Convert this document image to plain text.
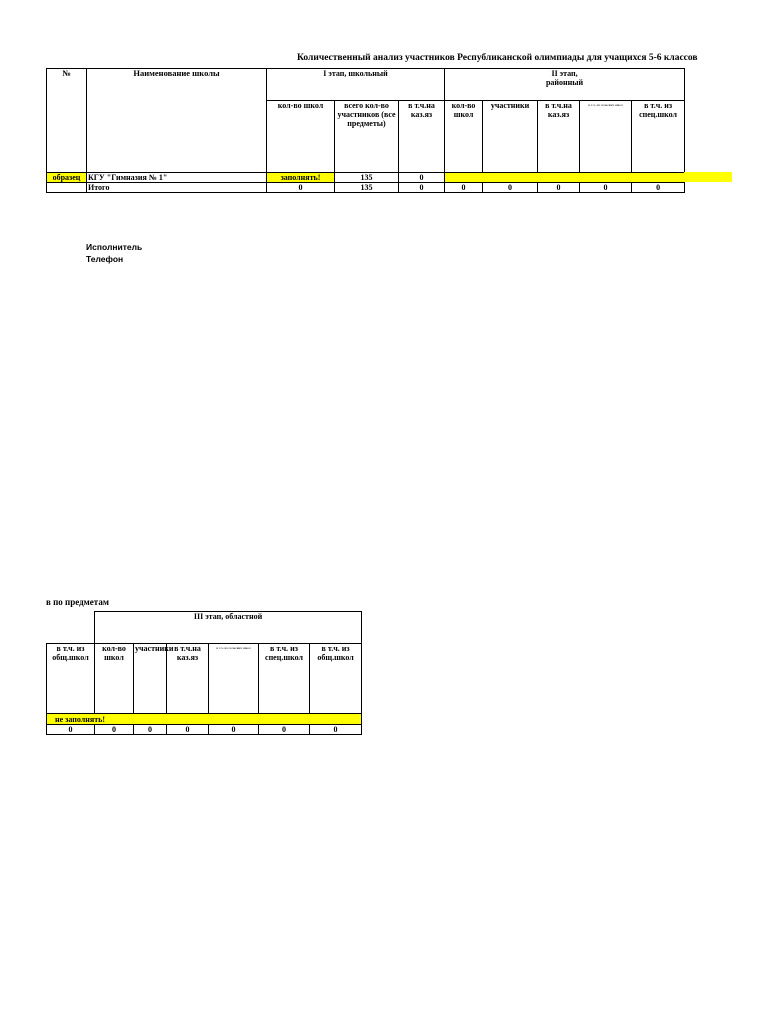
Количественный анализ участников Республиканской олимпиады для учащихся 5-6 классов
№	Наименование школы	I этап, школьный			II этап,
районный				

		кол-во школ	всего кол-во участников (все предметы)	в т.ч.на каз.яз	кол-во школ	участники	в т.ч.на каз.яз	в т.ч. из сельских школ	в т.ч. из спец.школ
образец	КГУ "Гимназия № 1"	заполнять!	135	0					
	Итого	0	135	0	0	0	0	0	0
Исполнитель
Телефон
в по предметам
	III этап, областной					
в т.ч. из общ.школ	кол-во школ	участники	в т.ч.на каз.яз	в т.ч. из сельских школ	в т.ч. из спец.школ	в т.ч. из общ.школ
не заполнять!						
0	0	0	0	0	0	0
